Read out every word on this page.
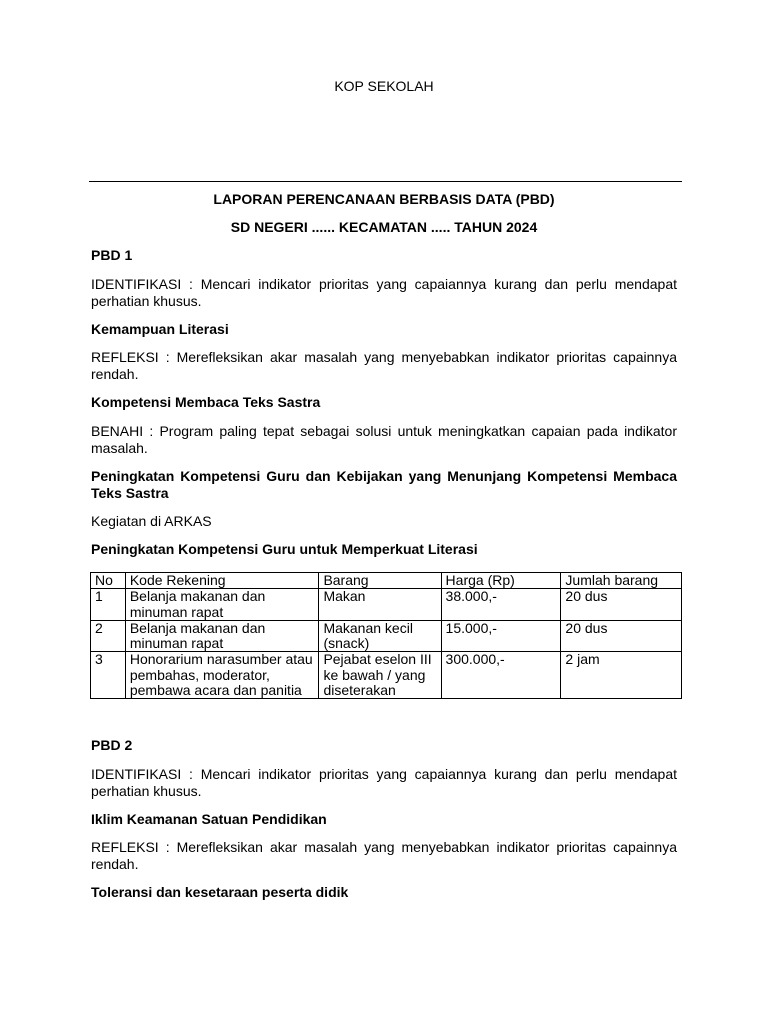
KOP SEKOLAH

LAPORAN PERENCANAAN BERBASIS DATA (PBD)

SD NEGERI ...... KECAMATAN ..... TAHUN 2024

PBD 1

IDENTIFIKASI : Mencari indikator prioritas yang capaiannya kurang dan perlu mendapat perhatian khusus.

Kemampuan Literasi

REFLEKSI : Merefleksikan akar masalah yang menyebabkan indikator prioritas capainnya rendah.

Kompetensi Membaca Teks Sastra

BENAHI : Program paling tepat sebagai solusi untuk meningkatkan capaian pada indikator masalah.

Peningkatan Kompetensi Guru dan Kebijakan yang Menunjang Kompetensi Membaca Teks Sastra

Kegiatan di ARKAS

Peningkatan Kompetensi Guru untuk Memperkuat Literasi

No	Kode Rekening	Barang	Harga (Rp)	Jumlah barang
1	Belanja makanan dan minuman rapat	Makan	38.000,-	20 dus
2	Belanja makanan dan minuman rapat	Makanan kecil (snack)	15.000,-	20 dus
3	Honorarium narasumber atau pembahas, moderator, pembawa acara dan panitia	Pejabat eselon III ke bawah / yang diseterakan	300.000,-	2 jam

PBD 2

IDENTIFIKASI : Mencari indikator prioritas yang capaiannya kurang dan perlu mendapat perhatian khusus.

Iklim Keamanan Satuan Pendidikan

REFLEKSI : Merefleksikan akar masalah yang menyebabkan indikator prioritas capainnya rendah.

Toleransi dan kesetaraan peserta didik
